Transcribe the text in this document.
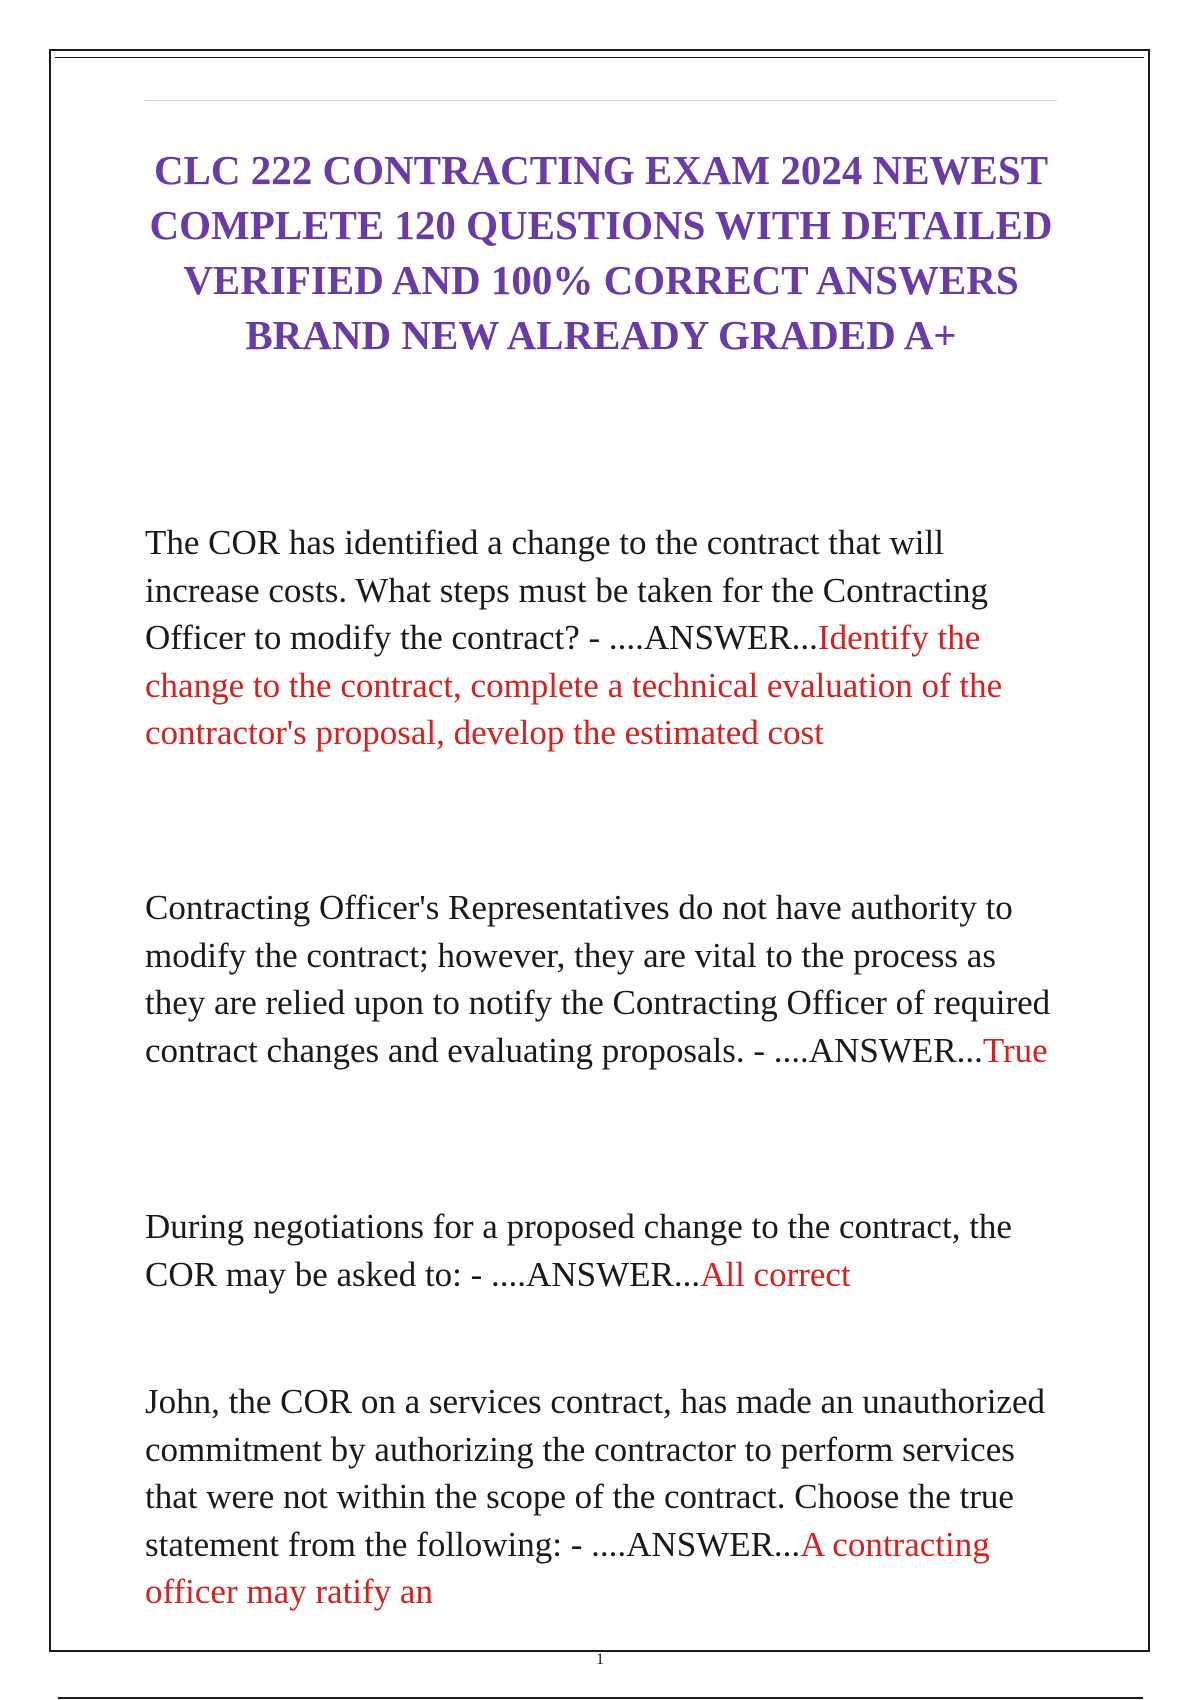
CLC 222 CONTRACTING EXAM 2024 NEWEST COMPLETE 120 QUESTIONS WITH DETAILED VERIFIED AND 100% CORRECT ANSWERS BRAND NEW ALREADY GRADED A+

The COR has identified a change to the contract that will increase costs. What steps must be taken for the Contracting Officer to modify the contract? - ....ANSWER...Identify the change to the contract, complete a technical evaluation of the contractor's proposal, develop the estimated cost

Contracting Officer's Representatives do not have authority to modify the contract; however, they are vital to the process as they are relied upon to notify the Contracting Officer of required contract changes and evaluating proposals. - ....ANSWER...True

During negotiations for a proposed change to the contract, the COR may be asked to: - ....ANSWER...All correct

John, the COR on a services contract, has made an unauthorized commitment by authorizing the contractor to perform services that were not within the scope of the contract. Choose the true statement from the following: - ....ANSWER...A contracting officer may ratify an

1
